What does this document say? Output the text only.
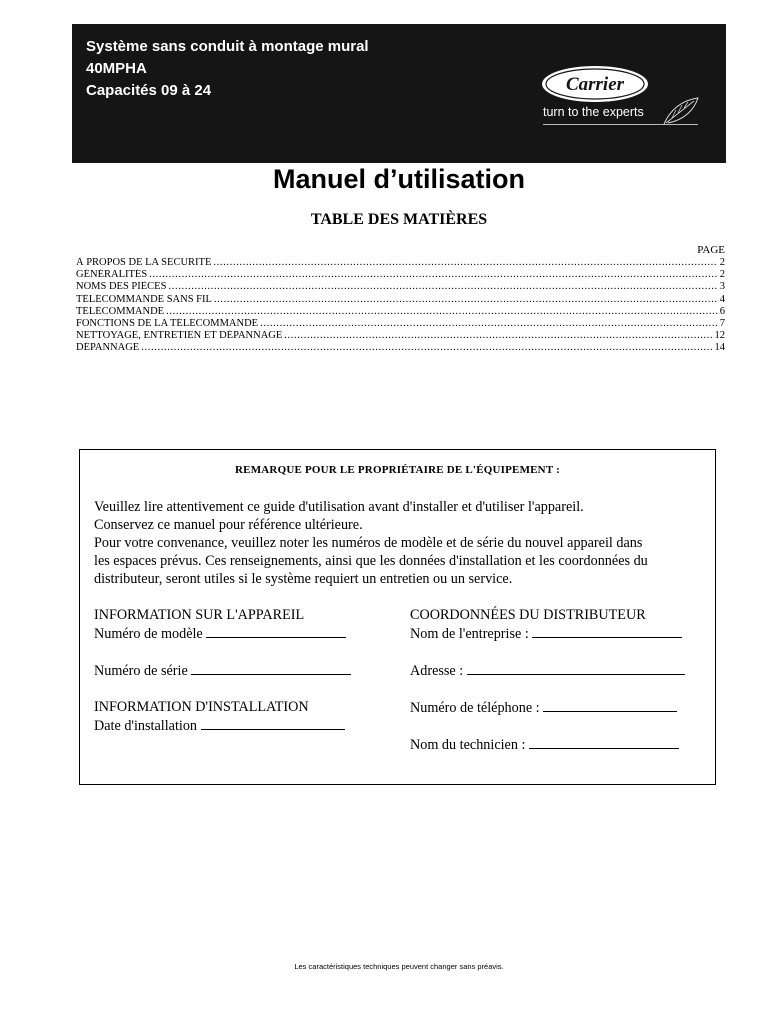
Système sans conduit à montage mural
40MPHA
Capacités 09 à 24	Carrier
turn to the experts
Manuel d’utilisation
TABLE DES MATIÈRES
PAGE
À PROPOS DE LA SÉCURITÉ . . .	2
GÉNÉRALITÉS . . .	2
NOMS DES PIÈCES . . .	3
TÉLÉCOMMANDE SANS FIL . . .	4
TÉLÉCOMMANDE . . .	6
FONCTIONS DE LA TÉLÉCOMMANDE . . .	7
NETTOYAGE, ENTRETIEN ET DÉPANNAGE . . .	12
DÉPANNAGE . . .	14
REMARQUE POUR LE PROPRIÉTAIRE DE L'ÉQUIPEMENT :
Veuillez lire attentivement ce guide d'utilisation avant d'installer et d'utiliser l'appareil.
Conservez ce manuel pour référence ultérieure.
Pour votre convenance, veuillez noter les numéros de modèle et de série du nouvel appareil dans
les espaces prévus. Ces renseignements, ainsi que les données d'installation et les coordonnées du
distributeur, seront utiles si le système requiert un entretien ou un service.
INFORMATION SUR L'APPAREIL
Numéro de modèle
Numéro de série
INFORMATION D'INSTALLATION
Date d'installation
COORDONNÉES DU DISTRIBUTEUR
Nom de l'entreprise :
Adresse :
Numéro de téléphone :
Nom du technicien :
Les caractéristiques techniques peuvent changer sans préavis.
